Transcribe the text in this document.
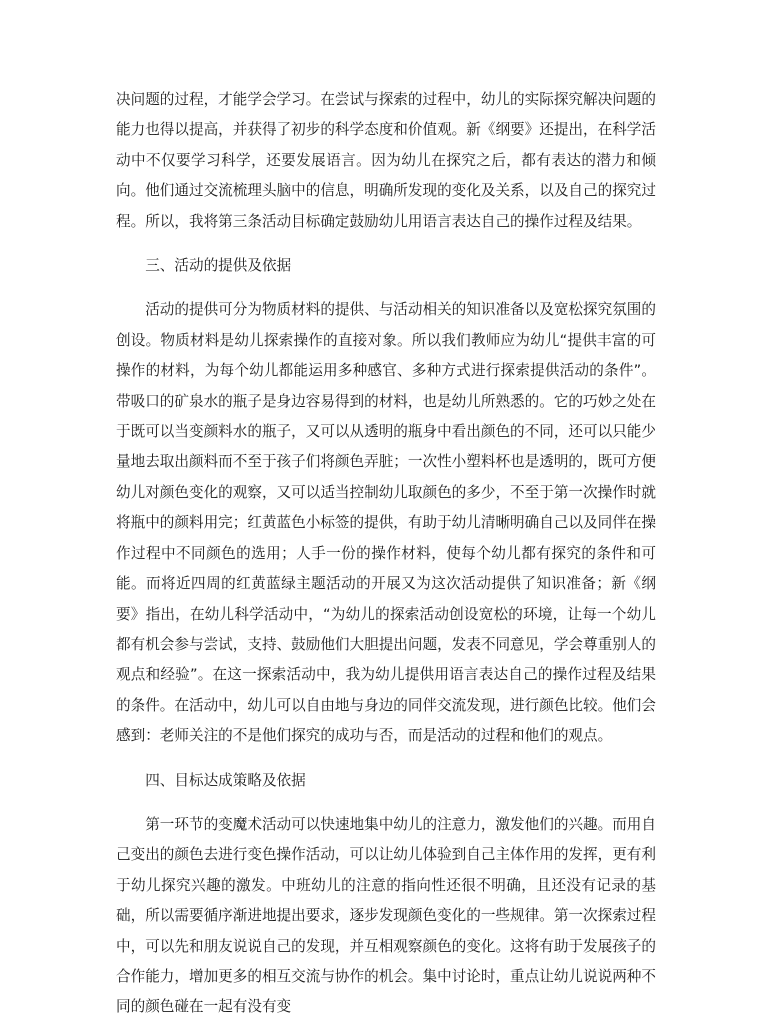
决问题的过程，才能学会学习。在尝试与探索的过程中，幼儿的实际探究解决问题的能力也得以提高，并获得了初步的科学态度和价值观。新《纲要》还提出，在科学活动中不仅要学习科学，还要发展语言。因为幼儿在探究之后，都有表达的潜力和倾向。他们通过交流梳理头脑中的信息，明确所发现的变化及关系，以及自己的探究过程。所以，我将第三条活动目标确定鼓励幼儿用语言表达自己的操作过程及结果。

三、活动的提供及依据

活动的提供可分为物质材料的提供、与活动相关的知识准备以及宽松探究氛围的创设。物质材料是幼儿探索操作的直接对象。所以我们教师应为幼儿“提供丰富的可操作的材料，为每个幼儿都能运用多种感官、多种方式进行探索提供活动的条件”。带吸口的矿泉水的瓶子是身边容易得到的材料，也是幼儿所熟悉的。它的巧妙之处在于既可以当变颜料水的瓶子，又可以从透明的瓶身中看出颜色的不同，还可以只能少量地去取出颜料而不至于孩子们将颜色弄脏；一次性小塑料杯也是透明的，既可方便幼儿对颜色变化的观察，又可以适当控制幼儿取颜色的多少，不至于第一次操作时就将瓶中的颜料用完；红黄蓝色小标签的提供，有助于幼儿清晰明确自己以及同伴在操作过程中不同颜色的选用；人手一份的操作材料，使每个幼儿都有探究的条件和可能。而将近四周的红黄蓝绿主题活动的开展又为这次活动提供了知识准备；新《纲要》指出，在幼儿科学活动中，“为幼儿的探索活动创设宽松的环境，让每一个幼儿都有机会参与尝试，支持、鼓励他们大胆提出问题，发表不同意见，学会尊重别人的观点和经验”。在这一探索活动中，我为幼儿提供用语言表达自己的操作过程及结果的条件。在活动中，幼儿可以自由地与身边的同伴交流发现，进行颜色比较。他们会感到：老师关注的不是他们探究的成功与否，而是活动的过程和他们的观点。

四、目标达成策略及依据

第一环节的变魔术活动可以快速地集中幼儿的注意力，激发他们的兴趣。而用自己变出的颜色去进行变色操作活动，可以让幼儿体验到自己主体作用的发挥，更有利于幼儿探究兴趣的激发。中班幼儿的注意的指向性还很不明确，且还没有记录的基础，所以需要循序渐进地提出要求，逐步发现颜色变化的一些规律。第一次探索过程中，可以先和朋友说说自己的发现，并互相观察颜色的变化。这将有助于发展孩子的合作能力，增加更多的相互交流与协作的机会。集中讨论时，重点让幼儿说说两种不同的颜色碰在一起有没有变
